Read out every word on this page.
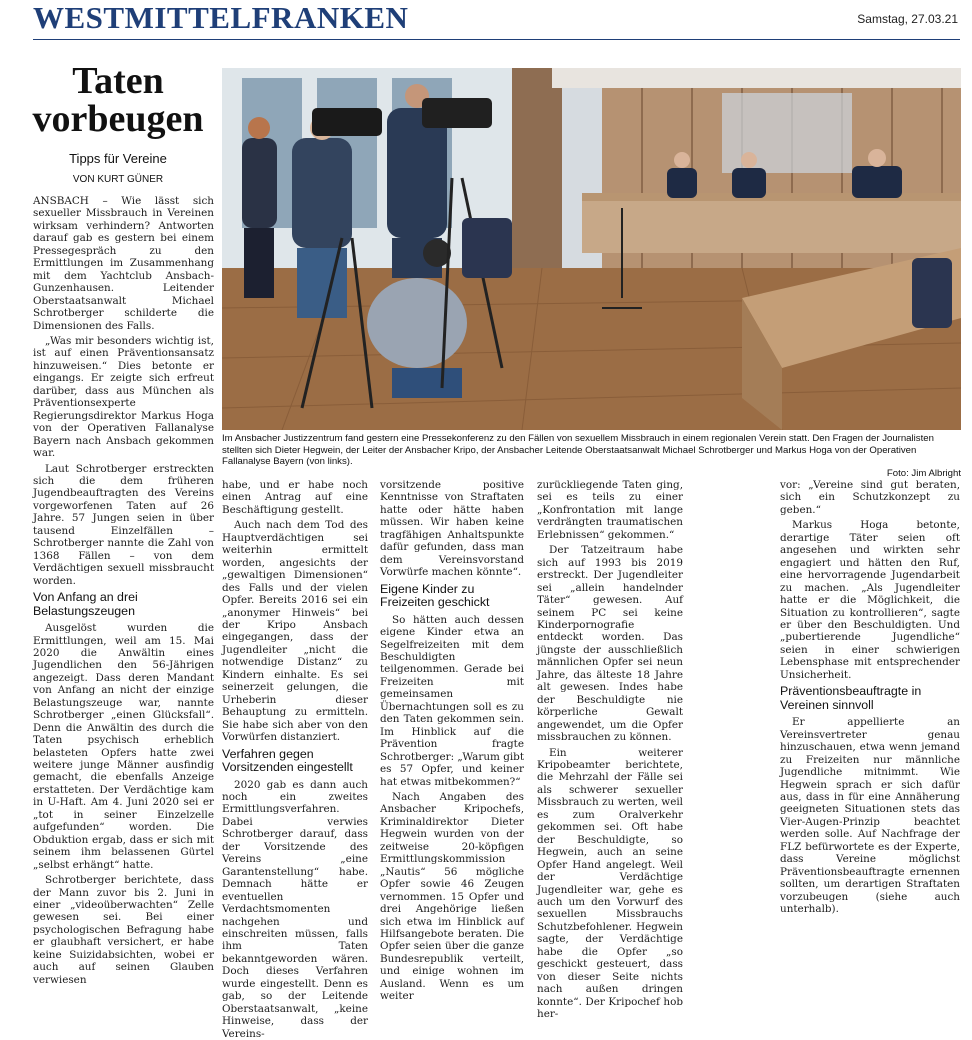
WESTMITTELFRANKEN	Samstag, 27.03.21
Taten
vorbeugen
Tipps für Vereine
VON KURT GÜNER

ANSBACH – Wie lässt sich sexueller Missbrauch in Vereinen wirksam verhindern? Antworten darauf gab es gestern bei einem Pressegespräch zu den Ermittlungen im Zusammenhang mit dem Yachtclub Ansbach-Gunzenhausen. Leitender Oberstaatsanwalt Michael Schrotberger schilderte die Dimensionen des Falls.

„Was mir besonders wichtig ist, ist auf einen Präventionsansatz hinzuweisen.“ Dies betonte er eingangs. Er zeigte sich erfreut darüber, dass aus München als Präventionsexperte Regierungsdirektor Markus Hoga von der Operativen Fallanalyse Bayern nach Ansbach gekommen war.

Laut Schrotberger erstreckten sich die dem früheren Jugendbeauftragten des Vereins vorgeworfenen Taten auf 26 Jahre. 57 Jungen seien in über tausend Einzelfällen – Schrotberger nannte die Zahl von 1368 Fällen – von dem Verdächtigen sexuell missbraucht worden.

Von Anfang an drei Belastungszeugen

Ausgelöst wurden die Ermittlungen, weil am 15. Mai 2020 die Anwältin eines Jugendlichen den 56-Jährigen angezeigt. Dass deren Mandant von Anfang an nicht der einzige Belastungszeuge war, nannte Schrotberger „einen Glücksfall“. Denn die Anwältin des durch die Taten psychisch erheblich belasteten Opfers hatte zwei weitere junge Männer ausfindig gemacht, die ebenfalls Anzeige erstatteten. Der Verdächtige kam in U-Haft. Am 4. Juni 2020 sei er „tot in seiner Einzelzelle aufgefunden“ worden. Die Obduktion ergab, dass er sich mit seinem ihm belassenen Gürtel „selbst erhängt“ hatte.

Schrotberger berichtete, dass der Mann zuvor bis 2. Juni in einer „videoüberwachten“ Zelle gewesen sei. Bei einer psychologischen Befragung habe er glaubhaft versichert, er habe keine Suizidabsichten, wobei er auch auf seinen Glauben verwiesen

Im Ansbacher Justizzentrum fand gestern eine Pressekonferenz zu den Fällen von sexuellem Missbrauch in einem regionalen Verein statt. Den Fragen der Journalisten stellten sich Dieter Hegwein, der Leiter der Ansbacher Kripo, der Ansbacher Leitende Oberstaatsanwalt Michael Schrotberger und Markus Hoga von der Operativen Fallanalyse Bayern (von links).
Foto: Jim Albright

habe, und er habe noch einen Antrag auf eine Beschäftigung gestellt.

Auch nach dem Tod des Hauptverdächtigen sei weiterhin ermittelt worden, angesichts der „gewaltigen Dimensionen“ des Falls und der vielen Opfer. Bereits 2016 sei ein „anonymer Hinweis“ bei der Kripo Ansbach eingegangen, dass der Jugendleiter „nicht die notwendige Distanz“ zu Kindern einhalte. Es sei seinerzeit gelungen, die Urheberin dieser Behauptung zu ermitteln. Sie habe sich aber von den Vorwürfen distanziert.

Verfahren gegen Vorsitzenden eingestellt

2020 gab es dann auch noch ein zweites Ermittlungsverfahren. Dabei verwies Schrotberger darauf, dass der Vorsitzende des Vereins „eine Garantenstellung“ habe. Demnach hätte er eventuellen Verdachtsmomenten nachgehen und einschreiten müssen, falls ihm Taten bekanntgeworden wären. Doch dieses Verfahren wurde eingestellt. Denn es gab, so der Leitende Oberstaatsanwalt, „keine Hinweise, dass der Vereins-

vorsitzende positive Kenntnisse von Straftaten hatte oder hätte haben müssen. Wir haben keine tragfähigen Anhaltspunkte dafür gefunden, dass man dem Vereinsvorstand Vorwürfe machen könnte“.

Eigene Kinder zu Freizeiten geschickt

So hätten auch dessen eigene Kinder etwa an Segelfreizeiten mit dem Beschuldigten teilgenommen. Gerade bei Freizeiten mit gemeinsamen Übernachtungen soll es zu den Taten gekommen sein. Im Hinblick auf die Prävention fragte Schrotberger: „Warum gibt es 57 Opfer, und keiner hat etwas mitbekommen?“

Nach Angaben des Ansbacher Kripochefs, Kriminaldirektor Dieter Hegwein wurden von der zeitweise 20-köpfigen Ermittlungskommission „Nautis“ 56 mögliche Opfer sowie 46 Zeugen vernommen. 15 Opfer und drei Angehörige ließen sich etwa im Hinblick auf Hilfsangebote beraten. Die Opfer seien über die ganze Bundesrepublik verteilt, und einige wohnen im Ausland. Wenn es um weiter

zurückliegende Taten ging, sei es teils zu einer „Konfrontation mit lange verdrängten traumatischen Erlebnissen“ gekommen.“

Der Tatzeitraum habe sich auf 1993 bis 2019 erstreckt. Der Jugendleiter sei „allein handelnder Täter“ gewesen. Auf seinem PC sei keine Kinderpornografie entdeckt worden. Das jüngste der ausschließlich männlichen Opfer sei neun Jahre, das älteste 18 Jahre alt gewesen. Indes habe der Beschuldigte nie körperliche Gewalt angewendet, um die Opfer missbrauchen zu können.

Ein weiterer Kripobeamter berichtete, die Mehrzahl der Fälle sei als schwerer sexueller Missbrauch zu werten, weil es zum Oralverkehr gekommen sei. Oft habe der Beschuldigte, so Hegwein, auch an seine Opfer Hand angelegt. Weil der Verdächtige Jugendleiter war, gehe es auch um den Vorwurf des sexuellen Missbrauchs Schutzbefohlener. Hegwein sagte, der Verdächtige habe die Opfer „so geschickt gesteuert, dass von dieser Seite nichts nach außen dringen konnte“. Der Kripochef hob her-

vor: „Vereine sind gut beraten, sich ein Schutzkonzept zu geben.“

Markus Hoga betonte, derartige Täter seien oft angesehen und wirkten sehr engagiert und hätten den Ruf, eine hervorragende Jugendarbeit zu machen. „Als Jugendleiter hatte er die Möglichkeit, die Situation zu kontrollieren“, sagte er über den Beschuldigten. Und „pubertierende Jugendliche“ seien in einer schwierigen Lebensphase mit entsprechender Unsicherheit.

Präventionsbeauftragte in Vereinen sinnvoll

Er appellierte an Vereinsvertreter genau hinzuschauen, etwa wenn jemand zu Freizeiten nur männliche Jugendliche mitnimmt. Wie Hegwein sprach er sich dafür aus, dass in für eine Annäherung geeigneten Situationen stets das Vier-Augen-Prinzip beachtet werden solle. Auf Nachfrage der FLZ befürwortete es der Experte, dass Vereine möglichst Präventionsbeauftragte ernennen sollten, um derartigen Straftaten vorzubeugen (siehe auch unterhalb).
